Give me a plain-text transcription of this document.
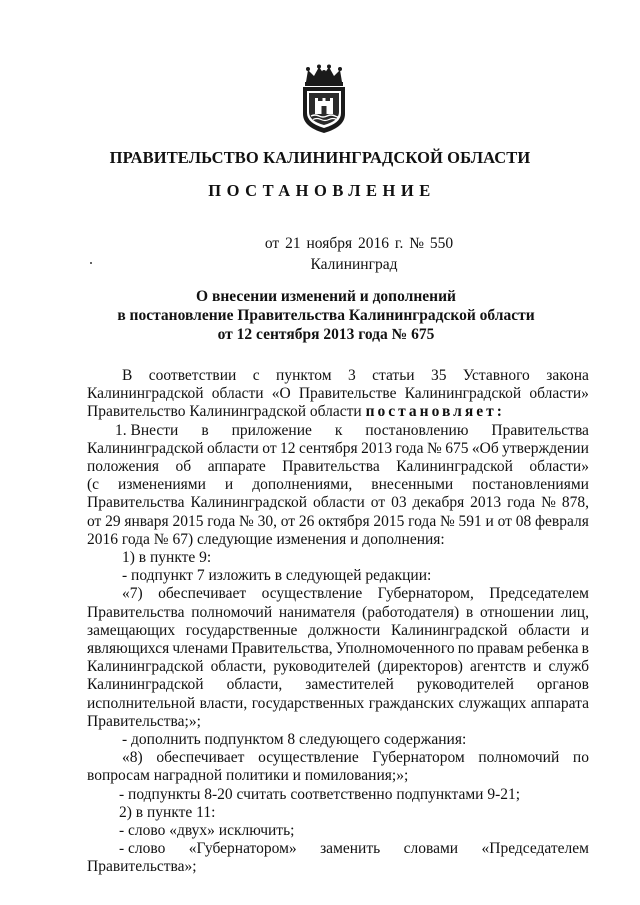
ПРАВИТЕЛЬСТВО КАЛИНИНГРАДСКОЙ ОБЛАСТИ
ПОСТАНОВЛЕНИЕ
от 21 ноября 2016 г. № 550
Калининград
О внесении изменений и дополнений
в постановление Правительства Калининградской области
от 12 сентября 2013 года № 675
В соответствии с пунктом 3 статьи 35 Уставного закона
Калининградской области «О Правительстве Калининградской области»
Правительство Калининградской области постановляет:
1. Внести в приложение к постановлению Правительства
Калининградской области от 12 сентября 2013 года № 675 «Об утверждении
положения об аппарате Правительства Калининградской области»
(с изменениями и дополнениями, внесенными постановлениями
Правительства Калининградской области от 03 декабря 2013 года № 878,
от 29 января 2015 года № 30, от 26 октября 2015 года № 591 и от 08 февраля
2016 года № 67) следующие изменения и дополнения:
1) в пункте 9:
- подпункт 7 изложить в следующей редакции:
«7) обеспечивает осуществление Губернатором, Председателем
Правительства полномочий нанимателя (работодателя) в отношении лиц,
замещающих государственные должности Калининградской области и
являющихся членами Правительства, Уполномоченного по правам ребенка в
Калининградской области, руководителей (директоров) агентств и служб
Калининградской области, заместителей руководителей органов
исполнительной власти, государственных гражданских служащих аппарата
Правительства;»;
- дополнить подпунктом 8 следующего содержания:
«8) обеспечивает осуществление Губернатором полномочий по
вопросам наградной политики и помилования;»;
- подпункты 8-20 считать соответственно подпунктами 9-21;
2) в пункте 11:
- слово «двух» исключить;
- слово «Губернатором» заменить словами «Председателем
Правительства»;
